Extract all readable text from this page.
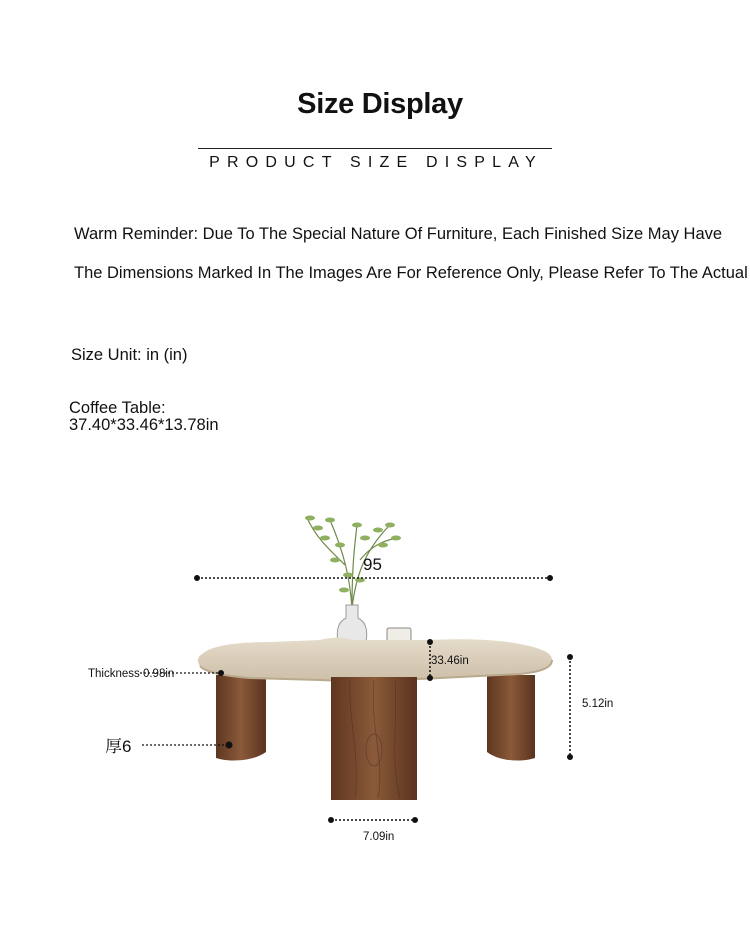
Size Display
PRODUCT SIZE DISPLAY
Warm Reminder: Due To The Special Nature Of Furniture, Each Finished Size May Have
The Dimensions Marked In The Images Are For Reference Only, Please Refer To The Actual
Size Unit: in (in)
Coffee Table:
37.40*33.46*13.78in
95
33.46in
Thickness 0.98in
厚6
5.12in
7.09in
